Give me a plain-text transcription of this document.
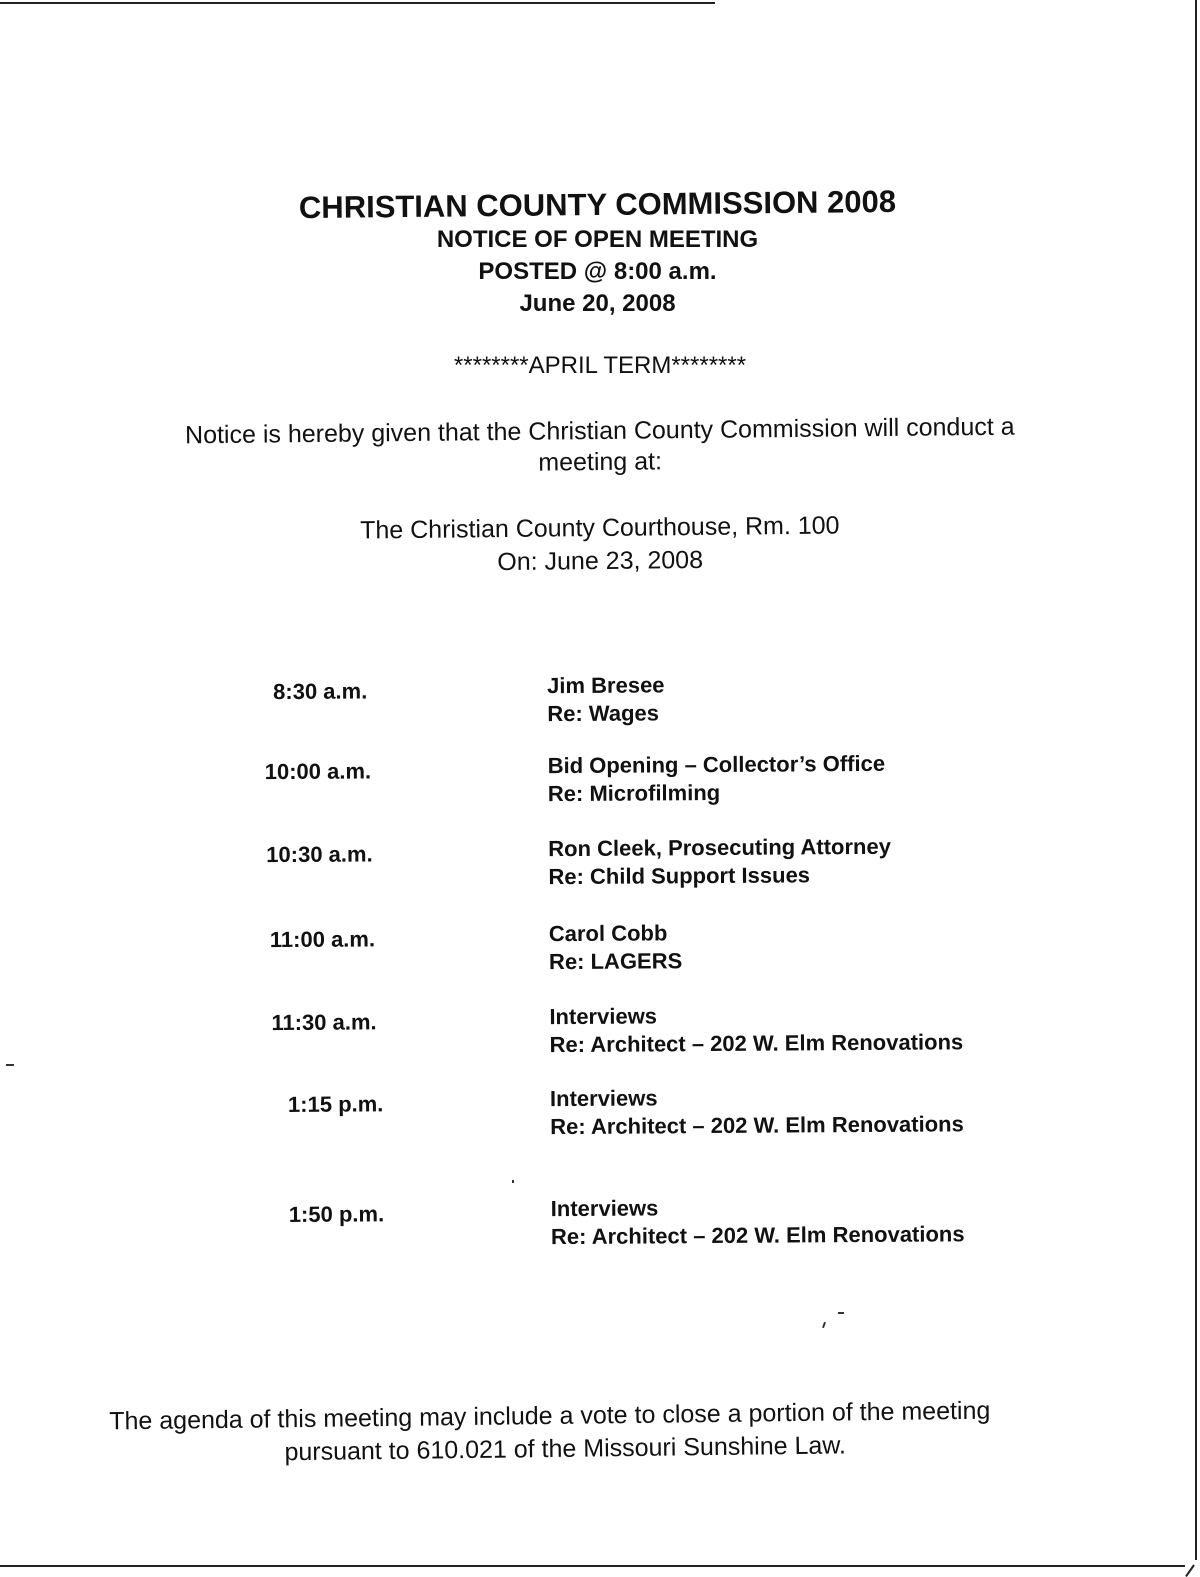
CHRISTIAN COUNTY COMMISSION 2008

NOTICE OF OPEN MEETING

POSTED @ 8:00 a.m.

June 20, 2008

********APRIL TERM********
Notice is hereby given that the Christian County Commission will conduct a
meeting at:
The Christian County Courthouse, Rm. 100
On: June 23, 2008
8:30 a.m.	Jim Bresee
Re: Wages
10:00 a.m.	Bid Opening – Collector’s Office
Re: Microfilming
10:30 a.m.	Ron Cleek, Prosecuting Attorney
Re: Child Support Issues
11:00 a.m.	Carol Cobb
Re: LAGERS
11:30 a.m.	Interviews
Re: Architect – 202 W. Elm Renovations
1:15 p.m.	Interviews
Re: Architect – 202 W. Elm Renovations
1:50 p.m.	Interviews
Re: Architect – 202 W. Elm Renovations
The agenda of this meeting may include a vote to close a portion of the meeting
pursuant to 610.021 of the Missouri Sunshine Law.
